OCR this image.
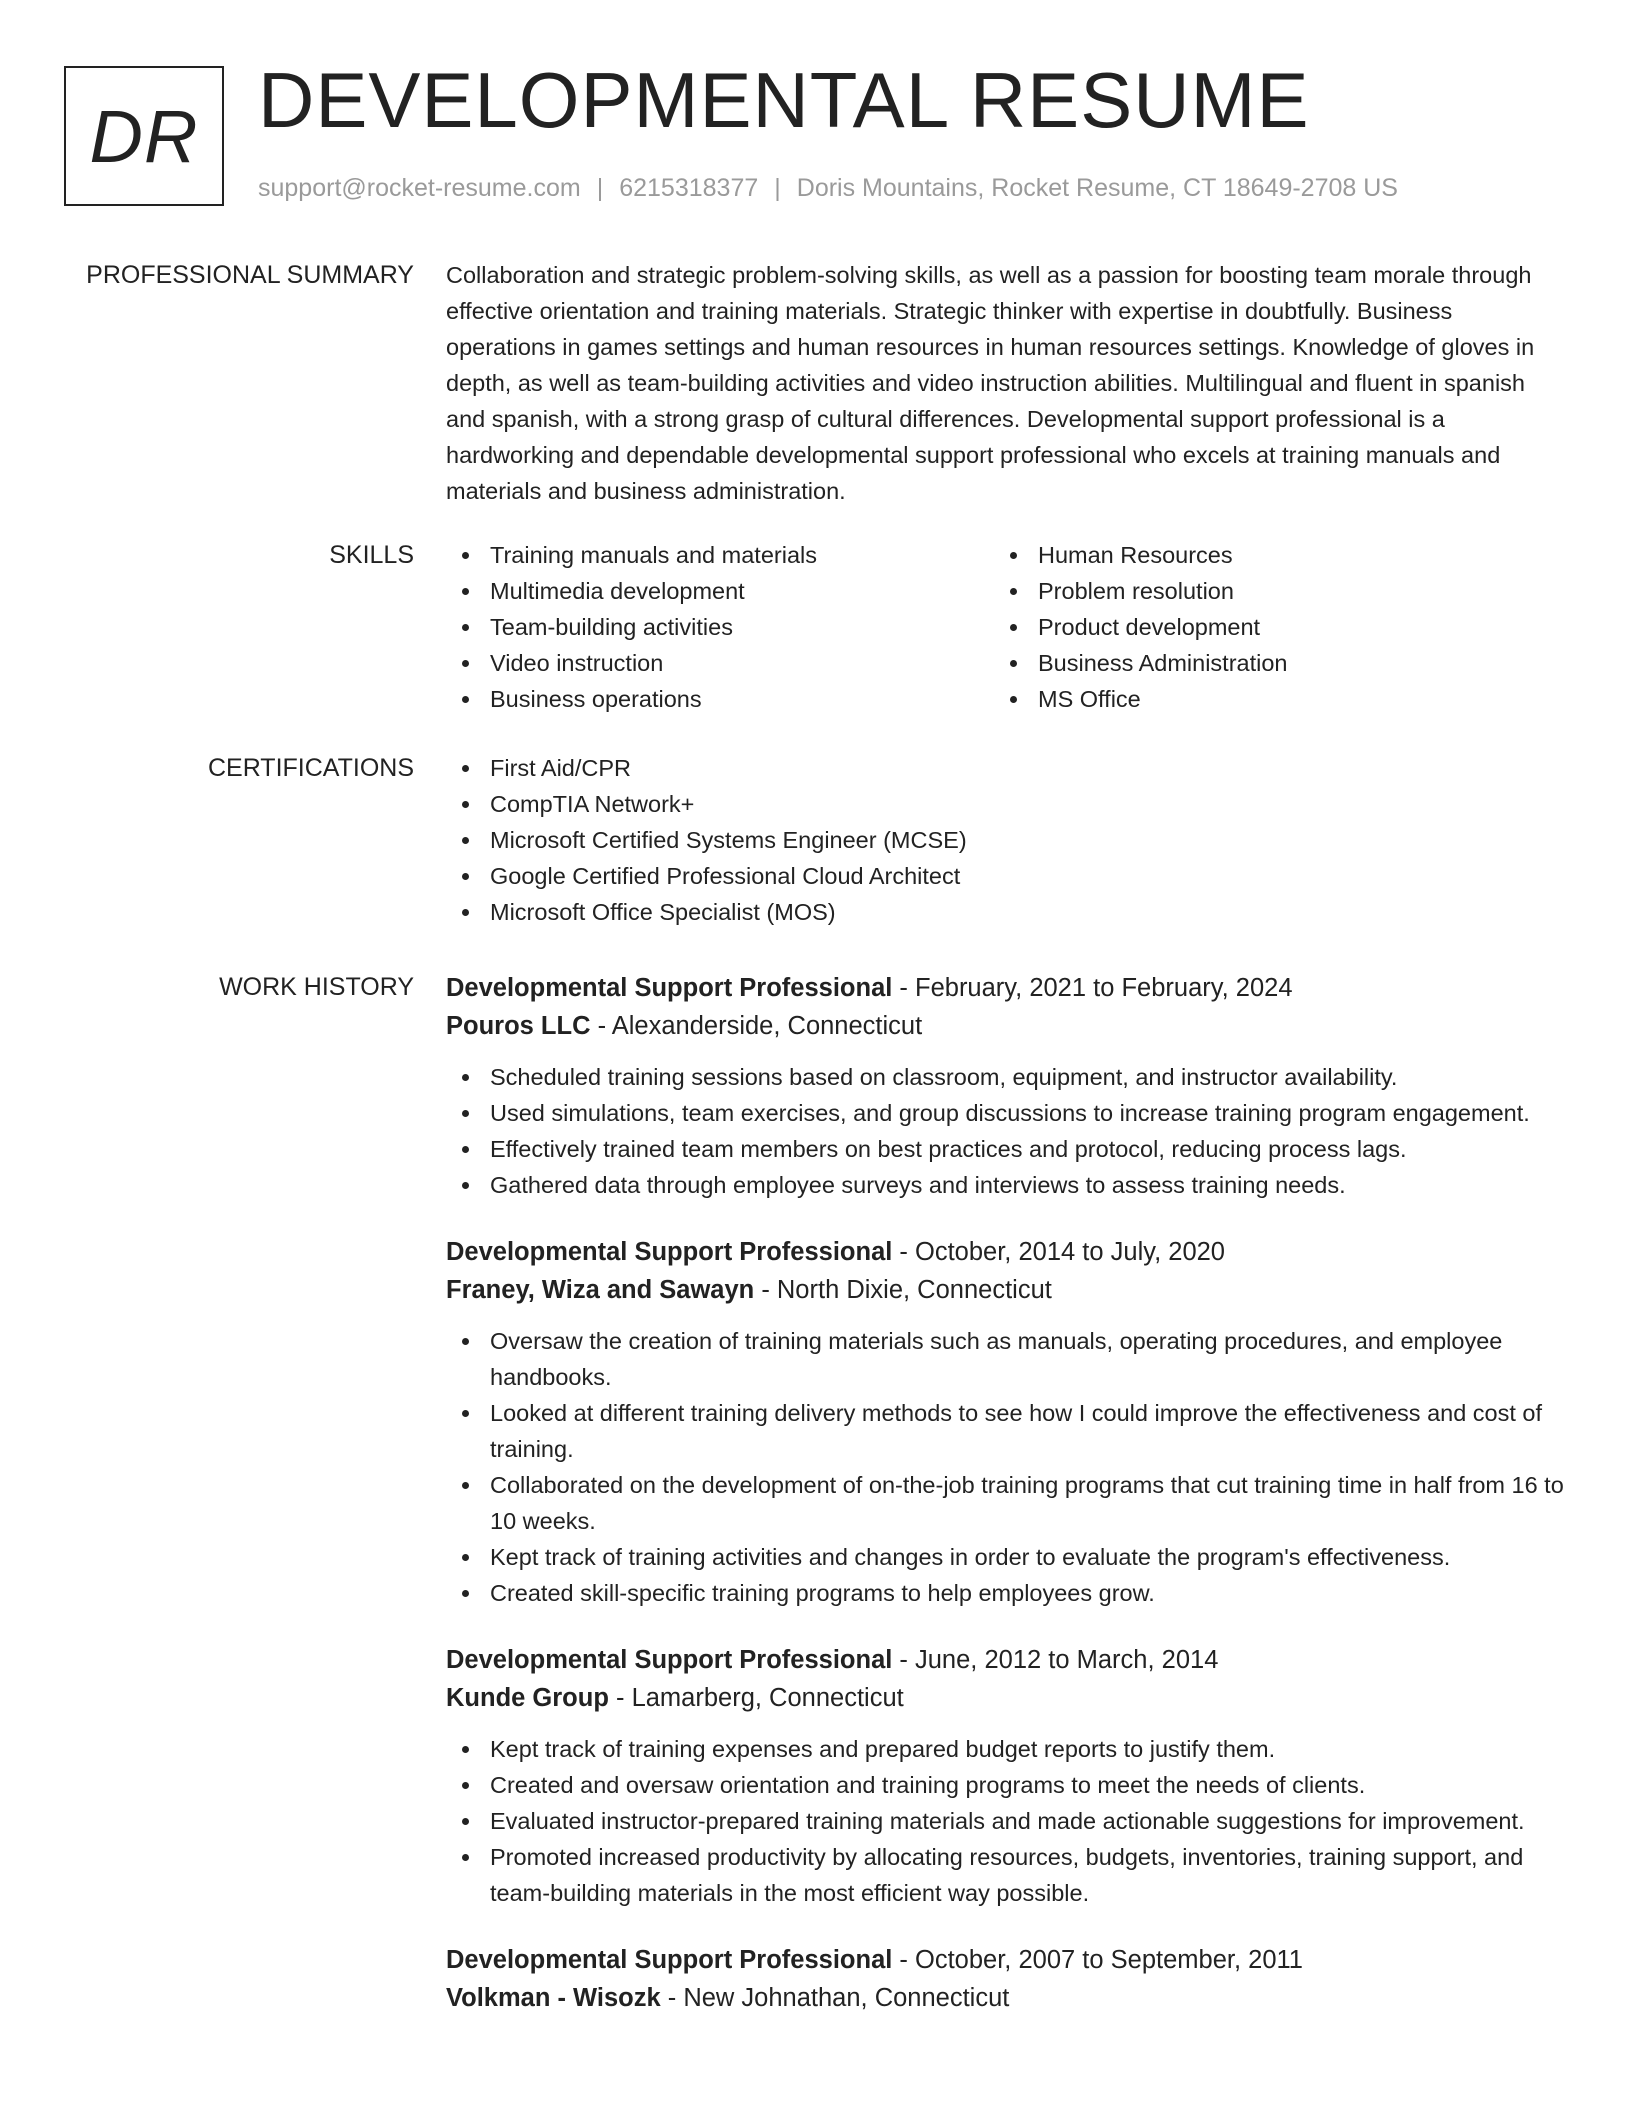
DR DEVELOPMENTAL RESUME
support@rocket-resume.com | 6215318377 | Doris Mountains, Rocket Resume, CT 18649-2708 US
PROFESSIONAL SUMMARY Collaboration and strategic problem-solving skills, as well as a passion for boosting team morale through effective orientation and training materials. Strategic thinker with expertise in doubtfully. Business operations in games settings and human resources in human resources settings. Knowledge of gloves in depth, as well as team-building activities and video instruction abilities. Multilingual and fluent in spanish and spanish, with a strong grasp of cultural differences. Developmental support professional is a hardworking and dependable developmental support professional who excels at training manuals and materials and business administration.

SKILLS	Training manuals and materials
Multimedia development
Team-building activities
Video instruction
Business operations
Human Resources
Problem resolution
Product development
Business Administration
MS Office
CERTIFICATIONS	First Aid/CPR
CompTIA Network+
Microsoft Certified Systems Engineer (MCSE)
Google Certified Professional Cloud Architect
Microsoft Office Specialist (MOS)
WORK HISTORY Developmental Support Professional - February, 2021 to February, 2024
Pouros LLC - Alexanderside, Connecticut
Scheduled training sessions based on classroom, equipment, and instructor availability.
Used simulations, team exercises, and group discussions to increase training program engagement.
Effectively trained team members on best practices and protocol, reducing process lags.
Gathered data through employee surveys and interviews to assess training needs.
Developmental Support Professional - October, 2014 to July, 2020
Franey, Wiza and Sawayn - North Dixie, Connecticut
Oversaw the creation of training materials such as manuals, operating procedures, and employee handbooks.
Looked at different training delivery methods to see how I could improve the effectiveness and cost of training.
Collaborated on the development of on-the-job training programs that cut training time in half from 16 to 10 weeks.
Kept track of training activities and changes in order to evaluate the program's effectiveness.
Created skill-specific training programs to help employees grow.
Developmental Support Professional - June, 2012 to March, 2014
Kunde Group - Lamarberg, Connecticut
Kept track of training expenses and prepared budget reports to justify them.
Created and oversaw orientation and training programs to meet the needs of clients.
Evaluated instructor-prepared training materials and made actionable suggestions for improvement.
Promoted increased productivity by allocating resources, budgets, inventories, training support, and team-building materials in the most efficient way possible.
Developmental Support Professional - October, 2007 to September, 2011
Volkman - Wisozk - New Johnathan, Connecticut
